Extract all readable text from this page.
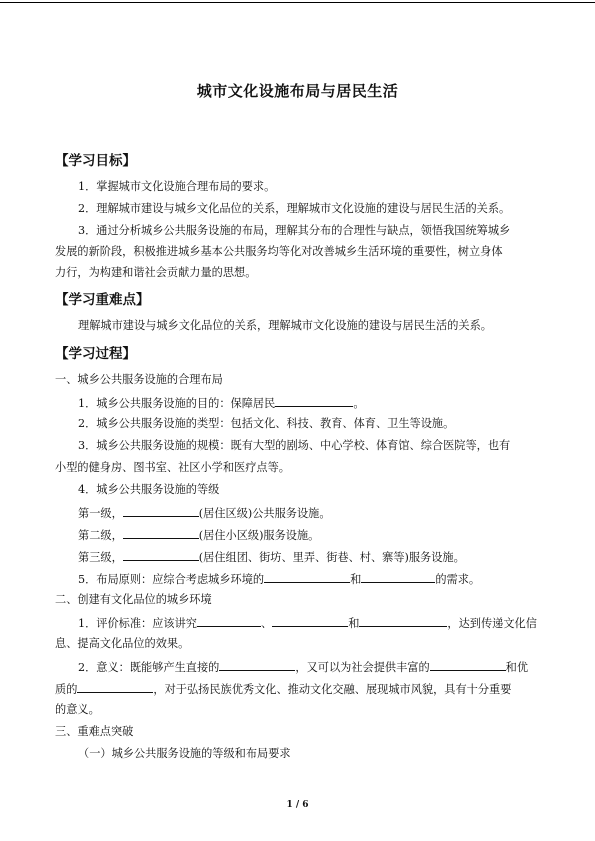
城市文化设施布局与居民生活
【学习目标】
1．掌握城市文化设施合理布局的要求。
2．理解城市建设与城乡文化品位的关系，理解城市文化设施的建设与居民生活的关系。
3．通过分析城乡公共服务设施的布局，理解其分布的合理性与缺点，领悟我国统筹城乡
发展的新阶段，积极推进城乡基本公共服务均等化对改善城乡生活环境的重要性，树立身体
力行，为构建和谐社会贡献力量的思想。
【学习重难点】
理解城市建设与城乡文化品位的关系，理解城市文化设施的建设与居民生活的关系。
【学习过程】
一、城乡公共服务设施的合理布局
1．城乡公共服务设施的目的：保障居民	。
2．城乡公共服务设施的类型：包括文化、科技、教育、体育、卫生等设施。
3．城乡公共服务设施的规模：既有大型的剧场、中心学校、体育馆、综合医院等，也有
小型的健身房、图书室、社区小学和医疗点等。
4．城乡公共服务设施的等级
第一级，	(居住区级)公共服务设施。
第二级，	(居住小区级)服务设施。
第三级，	(居住组团、街坊、里弄、街巷、村、寨等)服务设施。
5．布局原则：应综合考虑城乡环境的	和	的需求。
二、创建有文化品位的城乡环境
1．评价标准：应该讲究	、	和	，达到传递文化信
息、提高文化品位的效果。
2．意义：既能够产生直接的	，又可以为社会提供丰富的	和优
质的	，对于弘扬民族优秀文化、推动文化交融、展现城市风貌，具有十分重要
的意义。
三、重难点突破
（一）城乡公共服务设施的等级和布局要求
1 / 6
